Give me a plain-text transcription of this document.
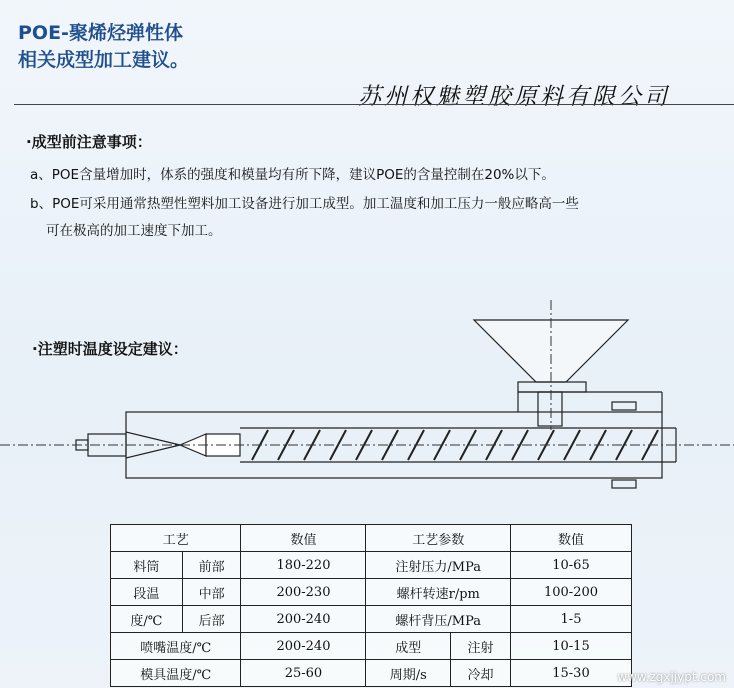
POE-聚烯烃弹性体
相关成型加工建议。
苏州权魅塑胶原料有限公司
·成型前注意事项：
a、POE含量增加时，体系的强度和模量均有所下降，建议POE的含量控制在20%以下。
b、POE可采用通常热塑性塑料加工设备进行加工成型。加工温度和加工压力一般应略高一些
可在极高的加工速度下加工。
·注塑时温度设定建议：
工艺		数值	工艺参数		数值
料筒	前部	180-220	注射压力/MPa		10-65
段温	中部	200-230	螺杆转速r/pm		100-200
度/℃	后部	200-240	螺杆背压/MPa		1-5
喷嘴温度/℃		200-240	成型	注射	10-15
模具温度/℃		25-60	周期/s	冷却	15-30 www.zgxjjypt.com
